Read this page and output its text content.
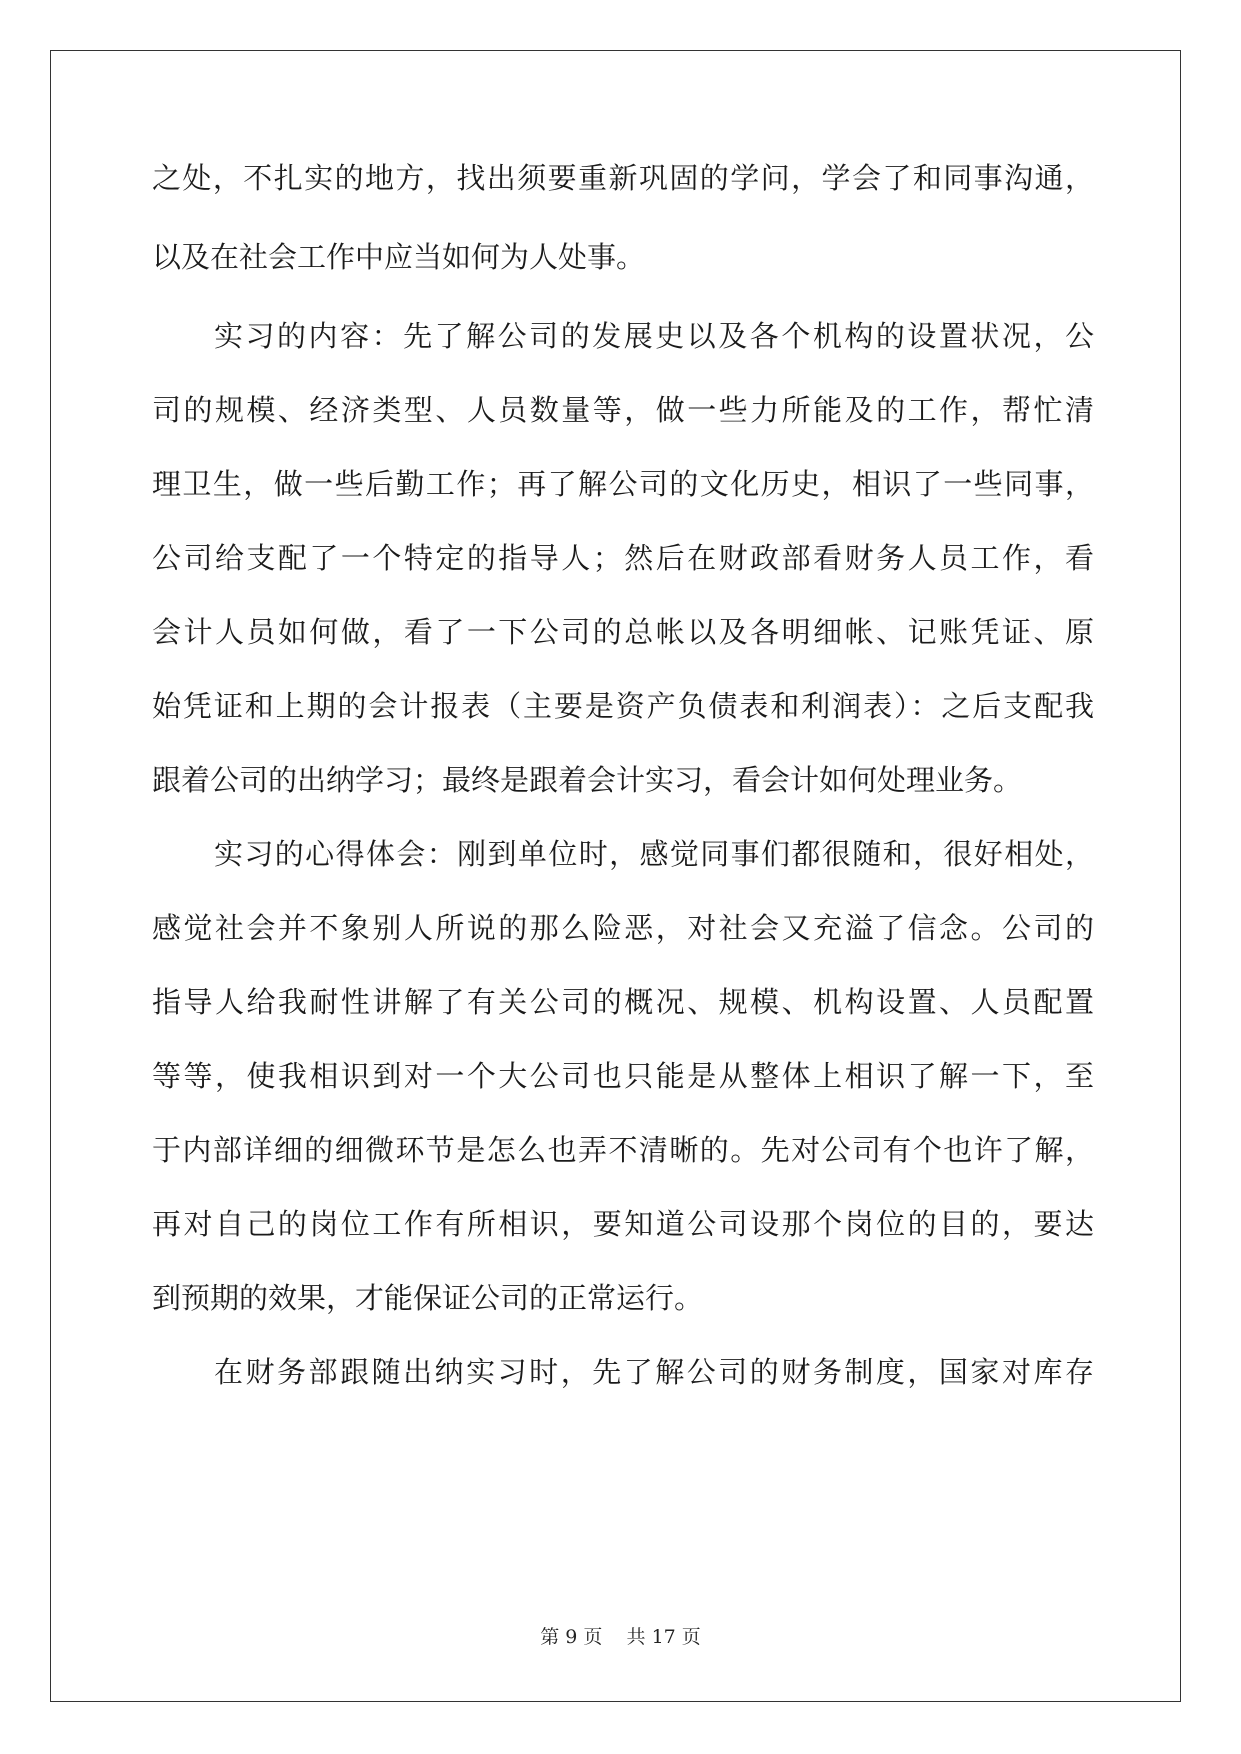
之处，不扎实的地方，找出须要重新巩固的学问，学会了和同事沟通，

以及在社会工作中应当如何为人处事。

实习的内容：先了解公司的发展史以及各个机构的设置状况，公

司的规模、经济类型、人员数量等，做一些力所能及的工作，帮忙清

理卫生，做一些后勤工作；再了解公司的文化历史，相识了一些同事，

公司给支配了一个特定的指导人；然后在财政部看财务人员工作，看

会计人员如何做，看了一下公司的总帐以及各明细帐、记账凭证、原

始凭证和上期的会计报表（主要是资产负债表和利润表）：之后支配我

跟着公司的出纳学习；最终是跟着会计实习，看会计如何处理业务。

实习的心得体会：刚到单位时，感觉同事们都很随和，很好相处，

感觉社会并不象别人所说的那么险恶，对社会又充溢了信念。公司的

指导人给我耐性讲解了有关公司的概况、规模、机构设置、人员配置

等等，使我相识到对一个大公司也只能是从整体上相识了解一下，至

于内部详细的细微环节是怎么也弄不清晰的。先对公司有个也许了解，

再对自己的岗位工作有所相识，要知道公司设那个岗位的目的，要达

到预期的效果，才能保证公司的正常运行。

在财务部跟随出纳实习时，先了解公司的财务制度，国家对库存

第 9 页 共 17 页
